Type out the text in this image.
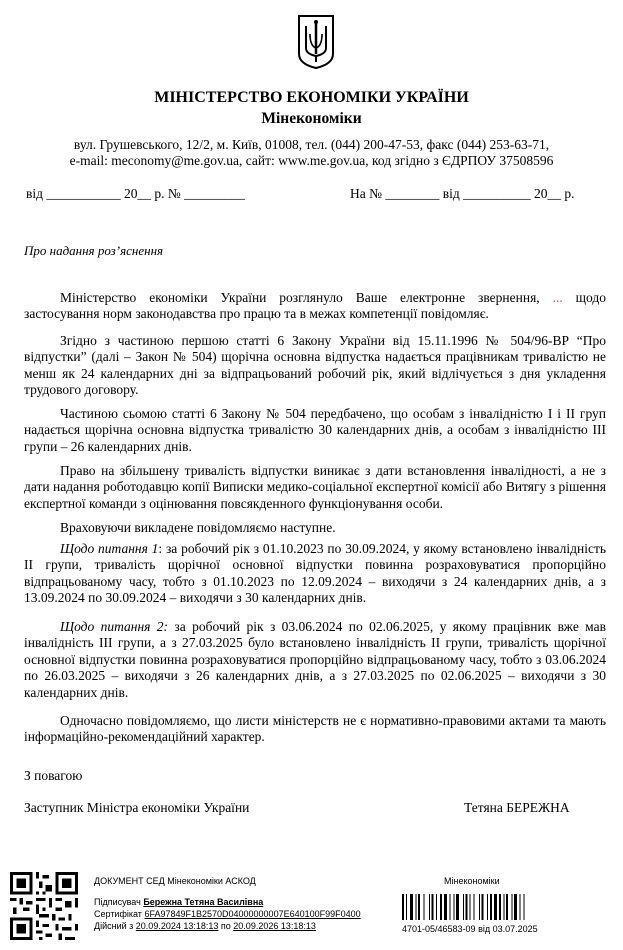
МІНІСТЕРСТВО ЕКОНОМІКИ УКРАЇНИ
Мінекономіки
вул. Грушевського, 12/2, м. Київ, 01008, тел. (044) 200-47-53, факс (044) 253-63-71,
e-mail: meconomy@me.gov.ua, сайт: www.me.gov.ua, код згідно з ЄДРПОУ 37508596
від ___________ 20__ р. № _________	На № ________ від __________ 20__ р.
Про надання роз’яснення
Міністерство економіки України розглянуло Ваше електронне звернення, ... щодо застосування норм законодавства про працю та в межах компетенції повідомляє.
Згідно з частиною першою статті 6 Закону України від 15.11.1996 № 504/96-ВР “Про відпустки” (далі – Закон № 504) щорічна основна відпустка надається працівникам тривалістю не менш як 24 календарних дні за відпрацьований робочий рік, який відлічується з дня укладення трудового договору.
Частиною сьомою статті 6 Закону № 504 передбачено, що особам з інвалідністю I і II груп надається щорічна основна відпустка тривалістю 30 календарних днів, а особам з інвалідністю III групи – 26 календарних днів.
Право на збільшену тривалість відпустки виникає з дати встановлення інвалідності, а не з дати надання роботодавцю копії Виписки медико-соціальної експертної комісії або Витягу з рішення експертної команди з оцінювання повсякденного функціонування особи.
Враховуючи викладене повідомляємо наступне.
Щодо питання 1: за робочий рік з 01.10.2023 по 30.09.2024, у якому встановлено інвалідність II групи, тривалість щорічної основної відпустки повинна розраховуватися пропорційно відпрацьованому часу, тобто з 01.10.2023 по 12.09.2024 – виходячи з 24 календарних днів, а з 13.09.2024 по 30.09.2024 – виходячи з 30 календарних днів.
Щодо питання 2: за робочий рік з 03.06.2024 по 02.06.2025, у якому працівник вже мав інвалідність III групи, а з 27.03.2025 було встановлено інвалідність II групи, тривалість щорічної основної відпустки повинна розраховуватися пропорційно відпрацьованому часу, тобто з 03.06.2024 по 26.03.2025 – виходячи з 26 календарних днів, а з 27.03.2025 по 02.06.2025 – виходячи з 30 календарних днів.
Одночасно повідомляємо, що листи міністерств не є нормативно-правовими актами та мають інформаційно-рекомендаційний характер.
З повагою
Заступник Міністра економіки України	Тетяна БЕРЕЖНА
ДОКУМЕНТ СЕД Мінекономіки АСКОД
Підписувач Бережна Тетяна Василівна
Сертифікат 6FA97849F1B2570D04000000007E640100F99F0400
Дійсний з 20.09.2024 13:18:13 по 20.09.2026 13:18:13
Мінекономіки
4701-05/46583-09 від 03.07.2025
